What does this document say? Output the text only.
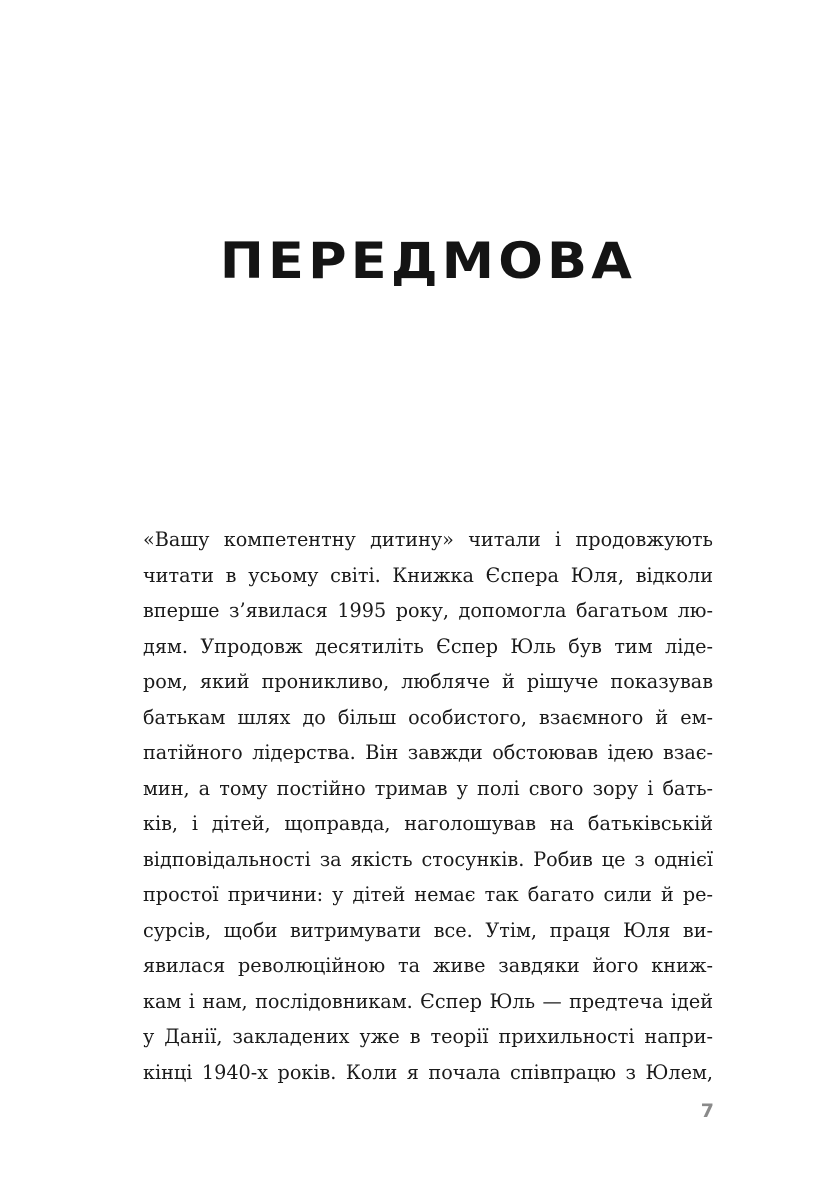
ПЕРЕДМОВА
«Вашу компетентну дитину» читали і продовжують
читати в усьому світі. Книжка Єспера Юля, відколи
вперше з’явилася 1995 року, допомогла багатьом лю-
дям. Упродовж десятиліть Єспер Юль був тим ліде-
ром, який проникливо, люблячe й рішуче показував
батькам шлях до більш особистого, взаємного й ем-
патійного лідерства. Він завжди обстоював ідею взає-
мин, а тому постійно тримав у полі свого зору і бать-
ків, і дітей, щоправда, наголошував на батьківській
відповідальності за якість стосунків. Робив це з однієї
простої причини: у дітей немає так багато сили й ре-
сурсів, щоби витримувати все. Утім, праця Юля ви-
явилася революційною та живе завдяки його книж-
кам і нам, послідовникам. Єспер Юль — предтеча ідей
у Данії, закладених уже в теорії прихильності напри-
кінці 1940-х років. Коли я почала співпрацю з Юлем,
7
